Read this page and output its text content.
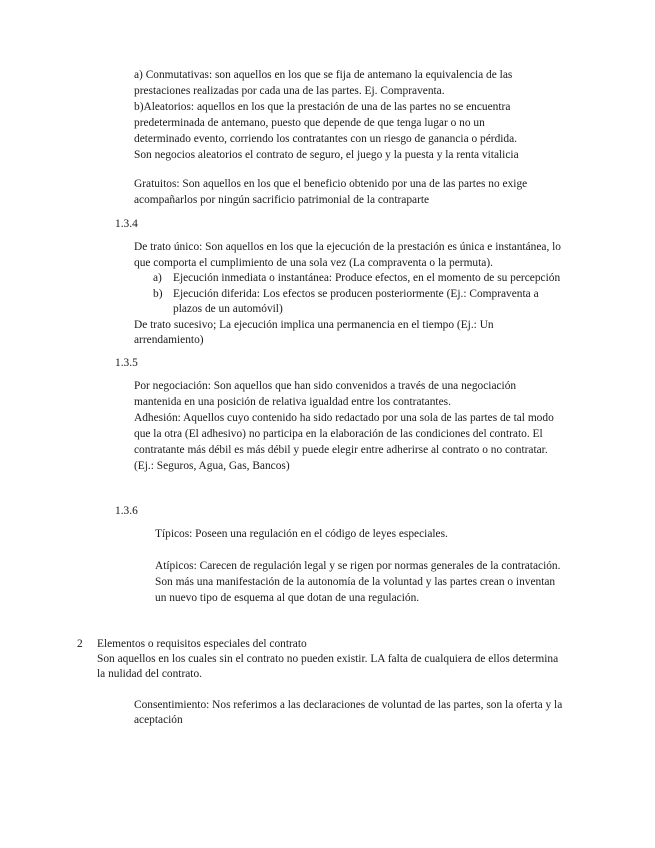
a) Conmutativas: son aquellos en los que se fija de antemano la equivalencia de las
prestaciones realizadas por cada una de las partes. Ej. Compraventa.
b)Aleatorios: aquellos en los que la prestación de una de las partes no se encuentra
predeterminada de antemano, puesto que depende de que tenga lugar o no un
determinado evento, corriendo los contratantes con un riesgo de ganancia o pérdida.
Son negocios aleatorios el contrato de seguro, el juego y la puesta y la renta vitalicia
Gratuitos: Son aquellos en los que el beneficio obtenido por una de las partes no exige
acompañarlos por ningún sacrificio patrimonial de la contraparte
1.3.4
De trato único: Son aquellos en los que la ejecución de la prestación es única e instantánea, lo
que comporta el cumplimiento de una sola vez (La compraventa o la permuta).
a) Ejecución inmediata o instantánea: Produce efectos, en el momento de su percepción
b) Ejecución diferida: Los efectos se producen posteriormente (Ej.: Compraventa a
plazos de un automóvil)
De trato sucesivo; La ejecución implica una permanencia en el tiempo (Ej.: Un
arrendamiento)
1.3.5
Por negociación: Son aquellos que han sido convenidos a través de una negociación
mantenida en una posición de relativa igualdad entre los contratantes.
Adhesión: Aquellos cuyo contenido ha sido redactado por una sola de las partes de tal modo
que la otra (El adhesivo) no participa en la elaboración de las condiciones del contrato. El
contratante más débil es más débil y puede elegir entre adherirse al contrato o no contratar.
(Ej.: Seguros, Agua, Gas, Bancos)
1.3.6
Típicos: Poseen una regulación en el código de leyes especiales.
Atípicos: Carecen de regulación legal y se rigen por normas generales de la contratación.
Son más una manifestación de la autonomía de la voluntad y las partes crean o inventan
un nuevo tipo de esquema al que dotan de una regulación.
2 Elementos o requisitos especiales del contrato
Son aquellos en los cuales sin el contrato no pueden existir. LA falta de cualquiera de ellos determina
la nulidad del contrato.
Consentimiento: Nos referimos a las declaraciones de voluntad de las partes, son la oferta y la
aceptación
